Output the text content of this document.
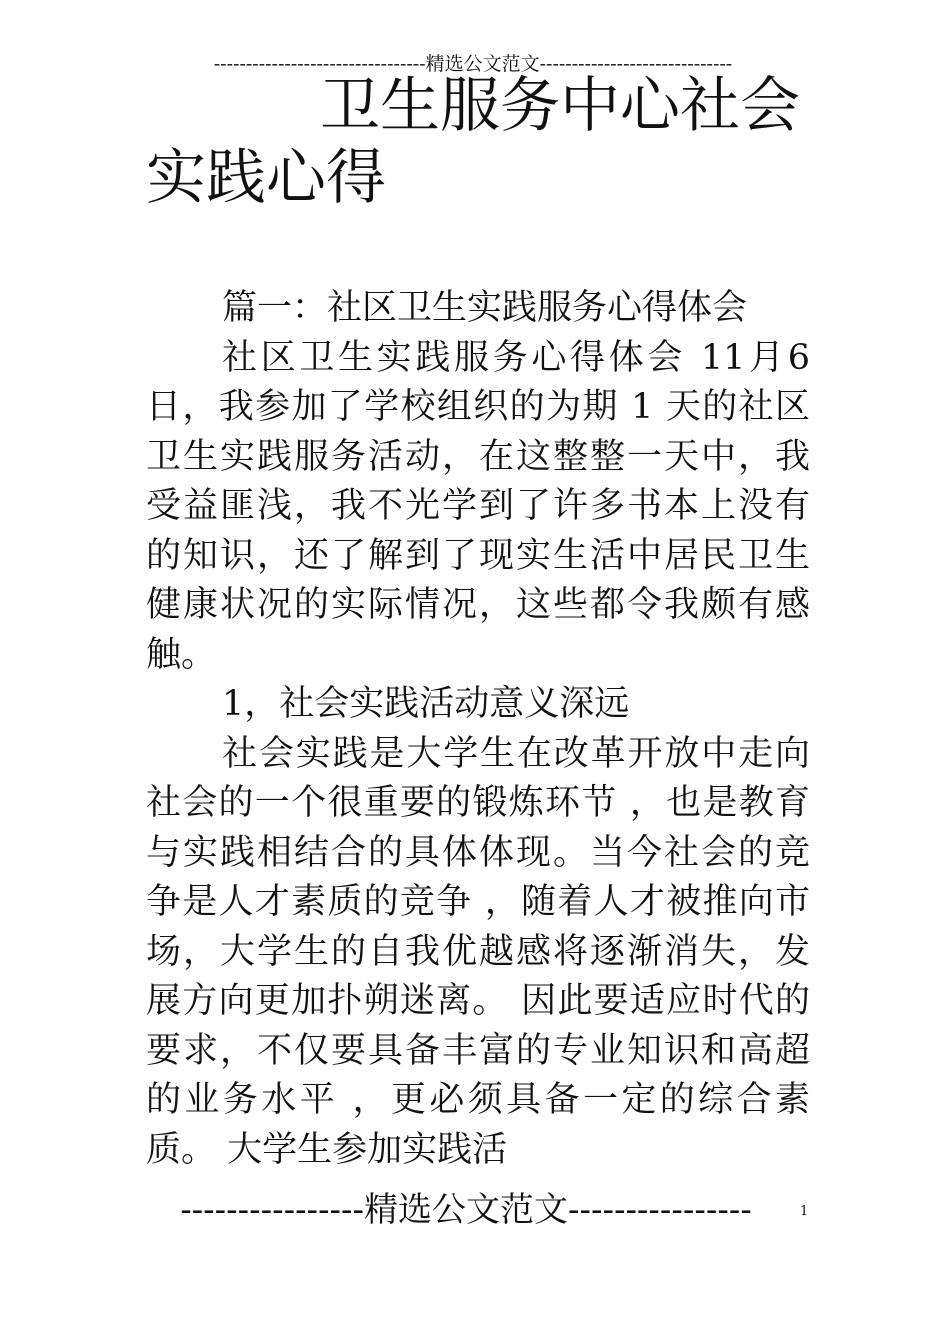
---------------------------------精选公文范文------------------------------
卫生服务中心社会
实践心得

篇一：社区卫生实践服务心得体会

社区卫生实践服务心得体会 11月6日，我参加了学校组织的为期 1 天的社区卫生实践服务活动，在这整整一天中，我受益匪浅，我不光学到了许多书本上没有的知识，还了解到了现实生活中居民卫生健康状况的实际情况，这些都令我颇有感触。

1，社会实践活动意义深远

社会实践是大学生在改革开放中走向社会的一个很重要的锻炼环节 ，也是教育与实践相结合的具体体现。当今社会的竞争是人才素质的竞争 ，随着人才被推向市场，大学生的自我优越感将逐渐消失，发展方向更加扑朔迷离。 因此要适应时代的要求，不仅要具备丰富的专业知识和高超的业务水平 ，更必须具备一定的综合素质。 大学生参加实践活

----------------精选公文范文----------------	1
